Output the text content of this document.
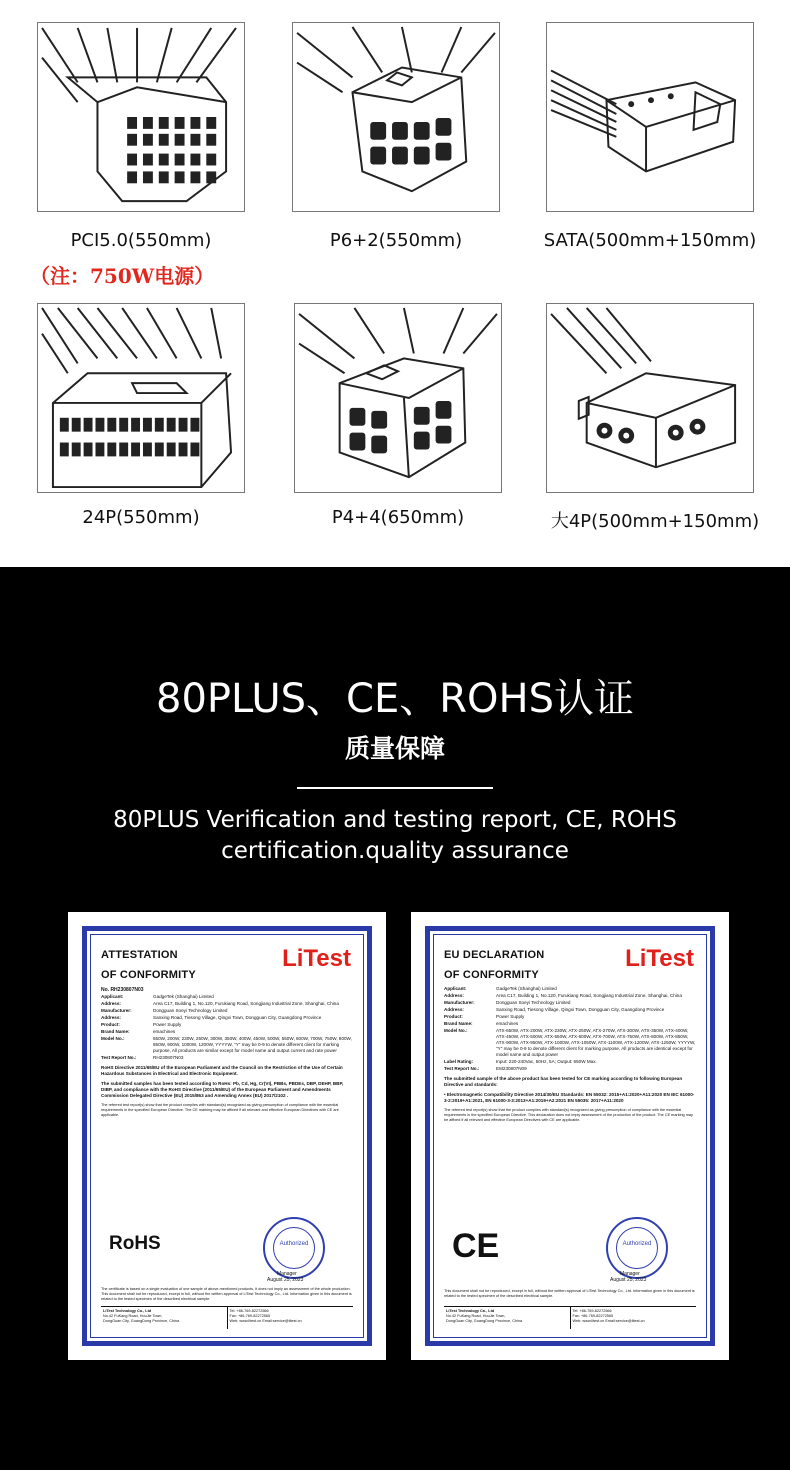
PCI5.0(550mm)	P6+2(550mm)	SATA(500mm+150mm)
（注：750W电源）
24P(550mm)	P4+4(650mm)	大4P(500mm+150mm)
80PLUS、CE、ROHS认证
质量保障
80PLUS Verification and testing report, CE, ROHS certification.quality assurance
LiTest
ATTESTATION
OF CONFORMITY
No. RH230807N03
Applicant:	GadgeTek (Shanghai) Limited
Address:	Area C17, Building 1, No.120, Furukiang Road, Songjiang Industrial Zone, Shanghai, China
Manufacturer:	Dongguan Soeyi Technology Limited
Address:	Sanxing Road, Tiesong Village, Qingxi Town, Dongguan City, Guangdong Province
Product:	Power Supply
Brand Name:	emachines
Model No.:	650W, 200W, 230W, 250W, 300W, 350W, 400W, 450W, 500W, 550W, 600W, 700W, 750W, 800W, 850W, 900W, 1000W, 1200W, YYYYW, "Y" may be 0-9 to denote different client for marking purpose, All products are similar except for model name and output current and rate power
Test Report No.:	RH230807N03
RoHS Directive 2011/65/EU of the European Parliament and the Council on the Restriction of the Use of Certain Hazardous Substances in Electrical and Electronic Equipment.
The submitted samples has been tested according to RoHs: Pb, Cd, Hg, Cr(VI), PBBs, PBDEs, DBP, DEHP, BBP, DIBP, and compliance with the RoHS Directive (2011/65/EU) of the European Parliament and Amendments Commission Delegated Directive (EU) 2015/863 and Amending Annex (EU) 2017/2102 .
The referred test report(s) show that the product complies with standard(s) recognized as giving presumption of compliance with the essential requirements in the specified European Directive. The CE marking may be affixed if all relevant and effective European Directives with CE are applicable.
RoHS	Authorized
Manager
August 25, 2023
The certificate is based on a single evaluation of one sample of above-mentioned products, It does not imply an assessment of the whole production. This document shall not be reproduced, except in full, without the written approval of LiTest Technology Co., Ltd. Information given in this document is related to the tested specimen of the described electrical sample.
LiTest Technology Co., Ltd
No.42 FuKang Road, HouJie Town,
DongGuan City, GuangDong Province, China
Tel: +86-769-82272566
Fax: +86-769-82272565
Web: www.litest.cn Email:service@litest.cn
LiTest
EU DECLARATION
OF CONFORMITY
Applicant:	GadgeTek (Shanghai) Limited
Address:	Area C17, Building 1, No.120, Furukiang Road, Songjiang Industrial Zone, Shanghai, China
Manufacturer:	Dongguan Soeyi Technology Limited
Address:	Sanxing Road, Tiesong Village, Qingxi Town, Dongguan City, Guangdong Province
Product:	Power Supply
Brand Name:	emachines
Model No.:	ATX-650W, ATX-200W, ATX-230W, ATX-250W, ATX-270W, ATX-300W, ATX-350W, ATX-400W, ATX-450W, ATX-500W, ATX-550W, ATX-600W, ATX-700W, ATX-750W, ATX-800W, ATX-850W, ATX-900W, ATX-950W, ATX-1000W, ATX-1050W, ATX-1100W, ATX-1200W, ATX-1250W, YYYYW, "Y" may be 0-9 to denote different client for marking purpose, All products are identical except for model name and output power
Label Rating:	Input: 220-240Vac, 50Hz, 5A; Output: 650W Max.
Test Report No.:	EM230807N09
The submitted sample of the above product has been tested for CE marking according to following European Directive and standards:
• Electromagnetic Compatibility Directive 2014/30/EU Standards: EN 55032: 2015+A1:2020+A11:2020 EN IEC 61000-3-2:2019+A1:2021, EN 61000-3-3:2013+A1:2019+A2:2021 EN 55035: 2017+A11:2020
The referred test report(s) show that the product complies with standard(s) recognized as giving presumption of compliance with the essential requirements in the specified European Directive. This declaration does not imply assessment of the production of the product. The CE marking may be affixed if all relevant and effective European Directives with CE are applicable.
CE	Authorized
Manager
August 25, 2023
This document shall not be reproduced, except in full, without the written approval of LiTest Technology Co., Ltd. Information given in this document is related to the tested specimen of the described electrical sample.
LiTest Technology Co., Ltd
No.42 FuKang Road, HouJie Town,
DongGuan City, GuangDong Province, China
Tel: +86-769-82272566
Fax: +86-769-82272565
Web: www.litest.cn Email:service@litest.cn
